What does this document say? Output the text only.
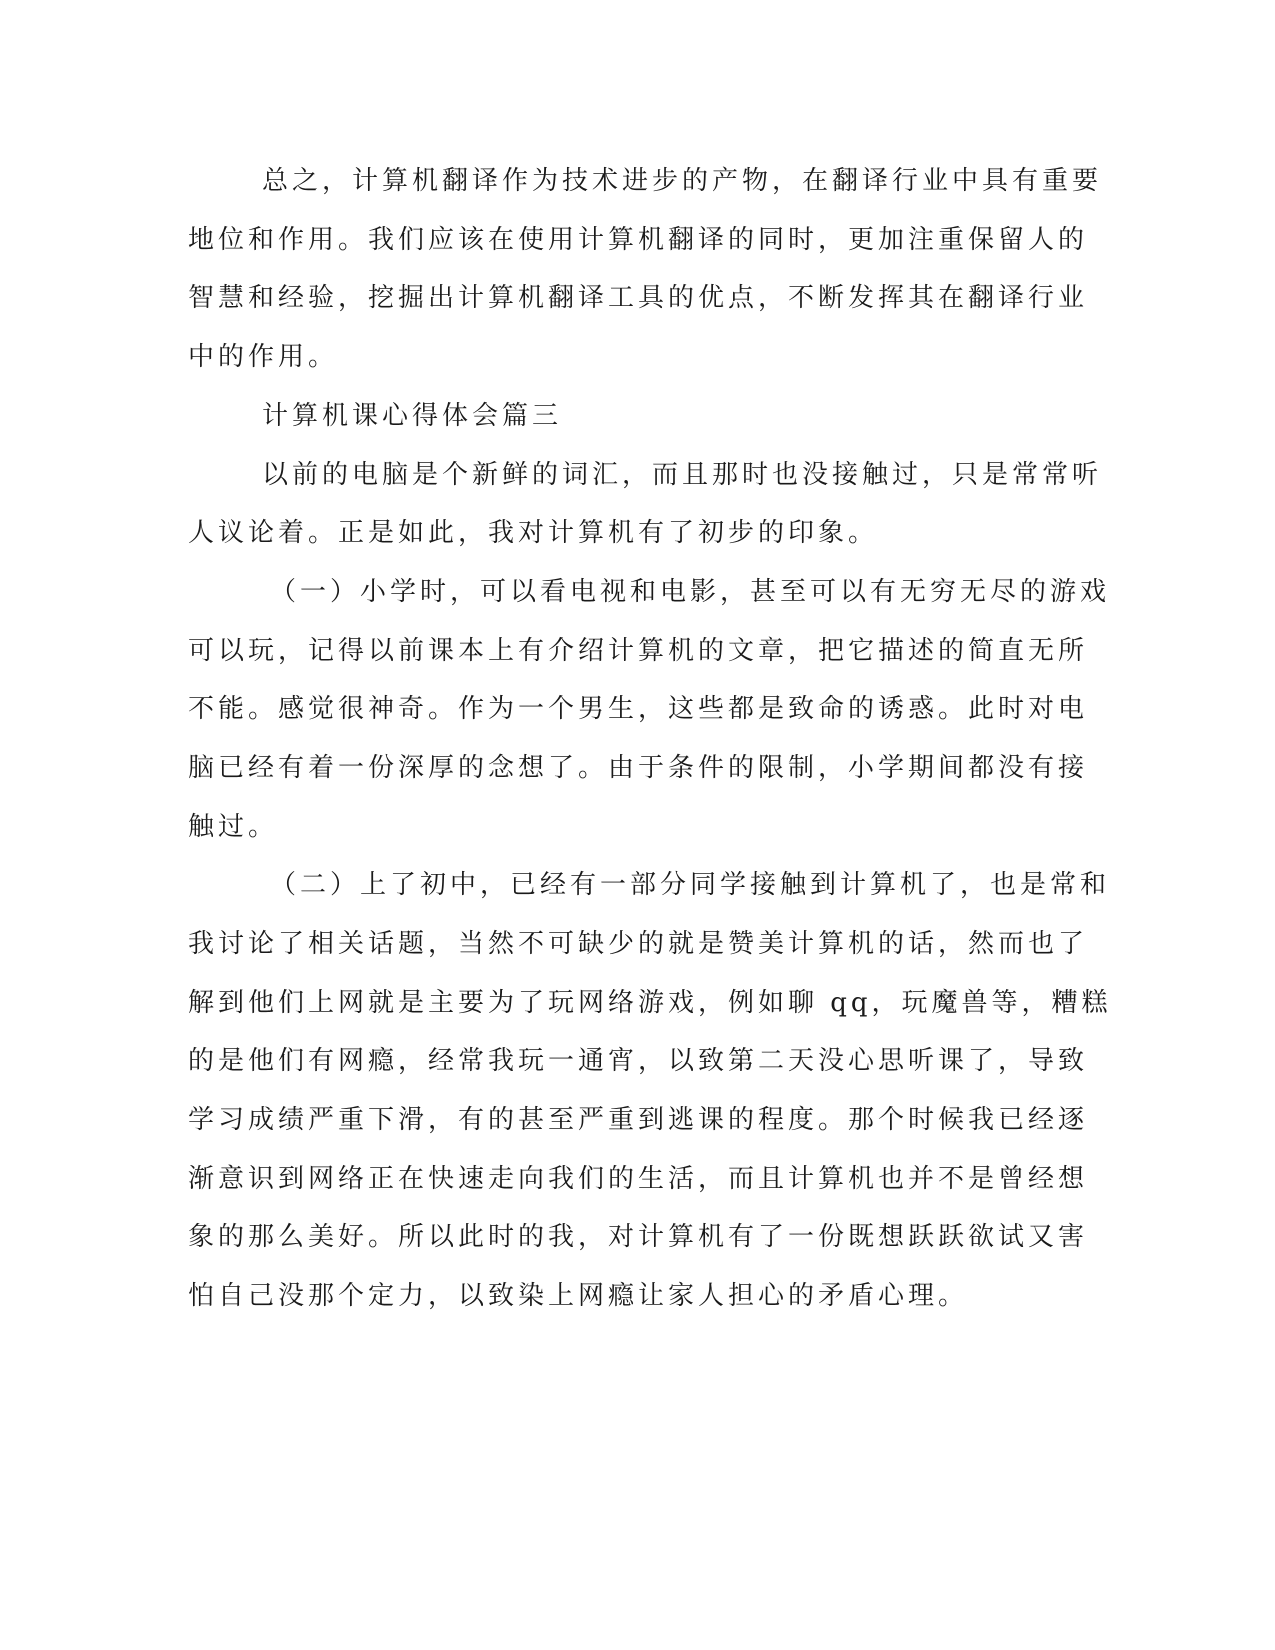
总之，计算机翻译作为技术进步的产物，在翻译行业中具有重要
地位和作用。我们应该在使用计算机翻译的同时，更加注重保留人的
智慧和经验，挖掘出计算机翻译工具的优点，不断发挥其在翻译行业
中的作用。
计算机课心得体会篇三
以前的电脑是个新鲜的词汇，而且那时也没接触过，只是常常听
人议论着。正是如此，我对计算机有了初步的印象。
（一）小学时，可以看电视和电影，甚至可以有无穷无尽的游戏
可以玩，记得以前课本上有介绍计算机的文章，把它描述的简直无所
不能。感觉很神奇。作为一个男生，这些都是致命的诱惑。此时对电
脑已经有着一份深厚的念想了。由于条件的限制，小学期间都没有接
触过。
（二）上了初中，已经有一部分同学接触到计算机了，也是常和
我讨论了相关话题，当然不可缺少的就是赞美计算机的话，然而也了
解到他们上网就是主要为了玩网络游戏，例如聊 qq，玩魔兽等，糟糕
的是他们有网瘾，经常我玩一通宵，以致第二天没心思听课了，导致
学习成绩严重下滑，有的甚至严重到逃课的程度。那个时候我已经逐
渐意识到网络正在快速走向我们的生活，而且计算机也并不是曾经想
象的那么美好。所以此时的我，对计算机有了一份既想跃跃欲试又害
怕自己没那个定力，以致染上网瘾让家人担心的矛盾心理。
